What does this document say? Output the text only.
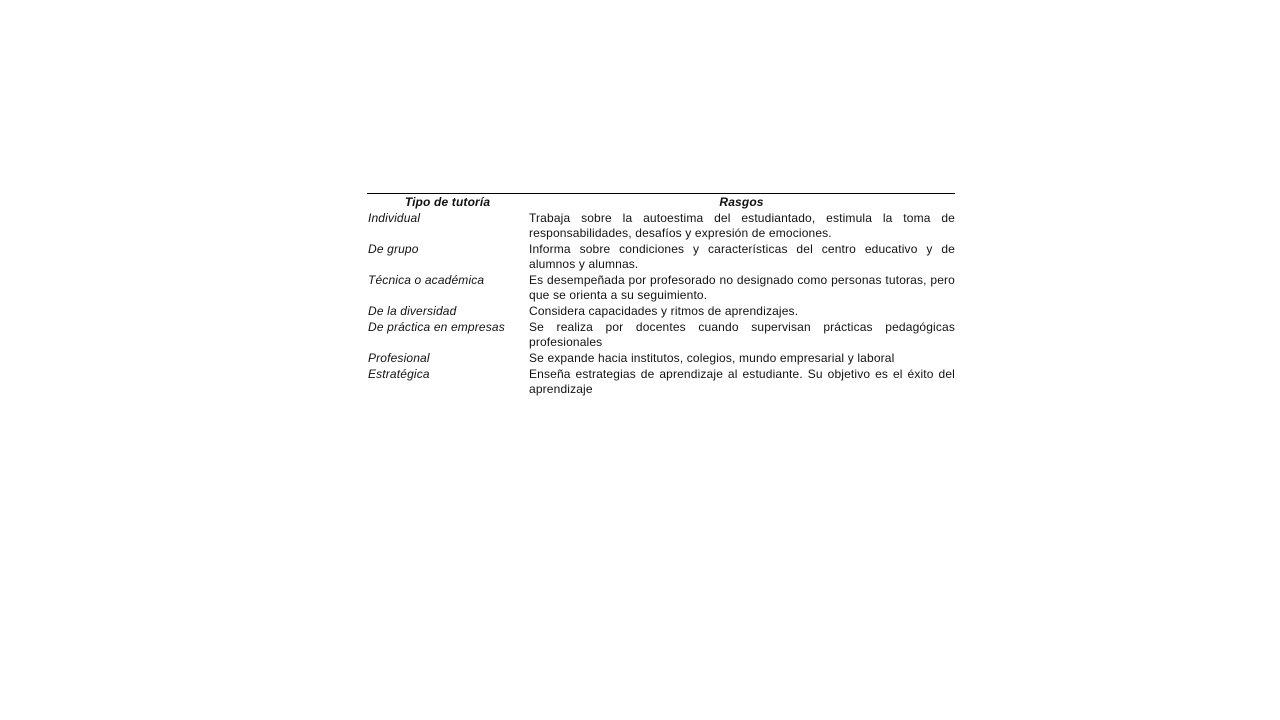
Tipo de tutoría	Rasgos
Individual	Trabaja sobre la autoestima del estudiantado, estimula la toma de responsabilidades, desafíos y expresión de emociones.
De grupo	Informa sobre condiciones y características del centro educativo y de alumnos y alumnas.
Técnica o académica	Es desempeñada por profesorado no designado como personas tutoras, pero que se orienta a su seguimiento.
De la diversidad	Considera capacidades y ritmos de aprendizajes.
De práctica en empresas	Se realiza por docentes cuando supervisan prácticas pedagógicas profesionales
Profesional	Se expande hacia institutos, colegios, mundo empresarial y laboral
Estratégica	Enseña estrategias de aprendizaje al estudiante. Su objetivo es el éxito del aprendizaje
